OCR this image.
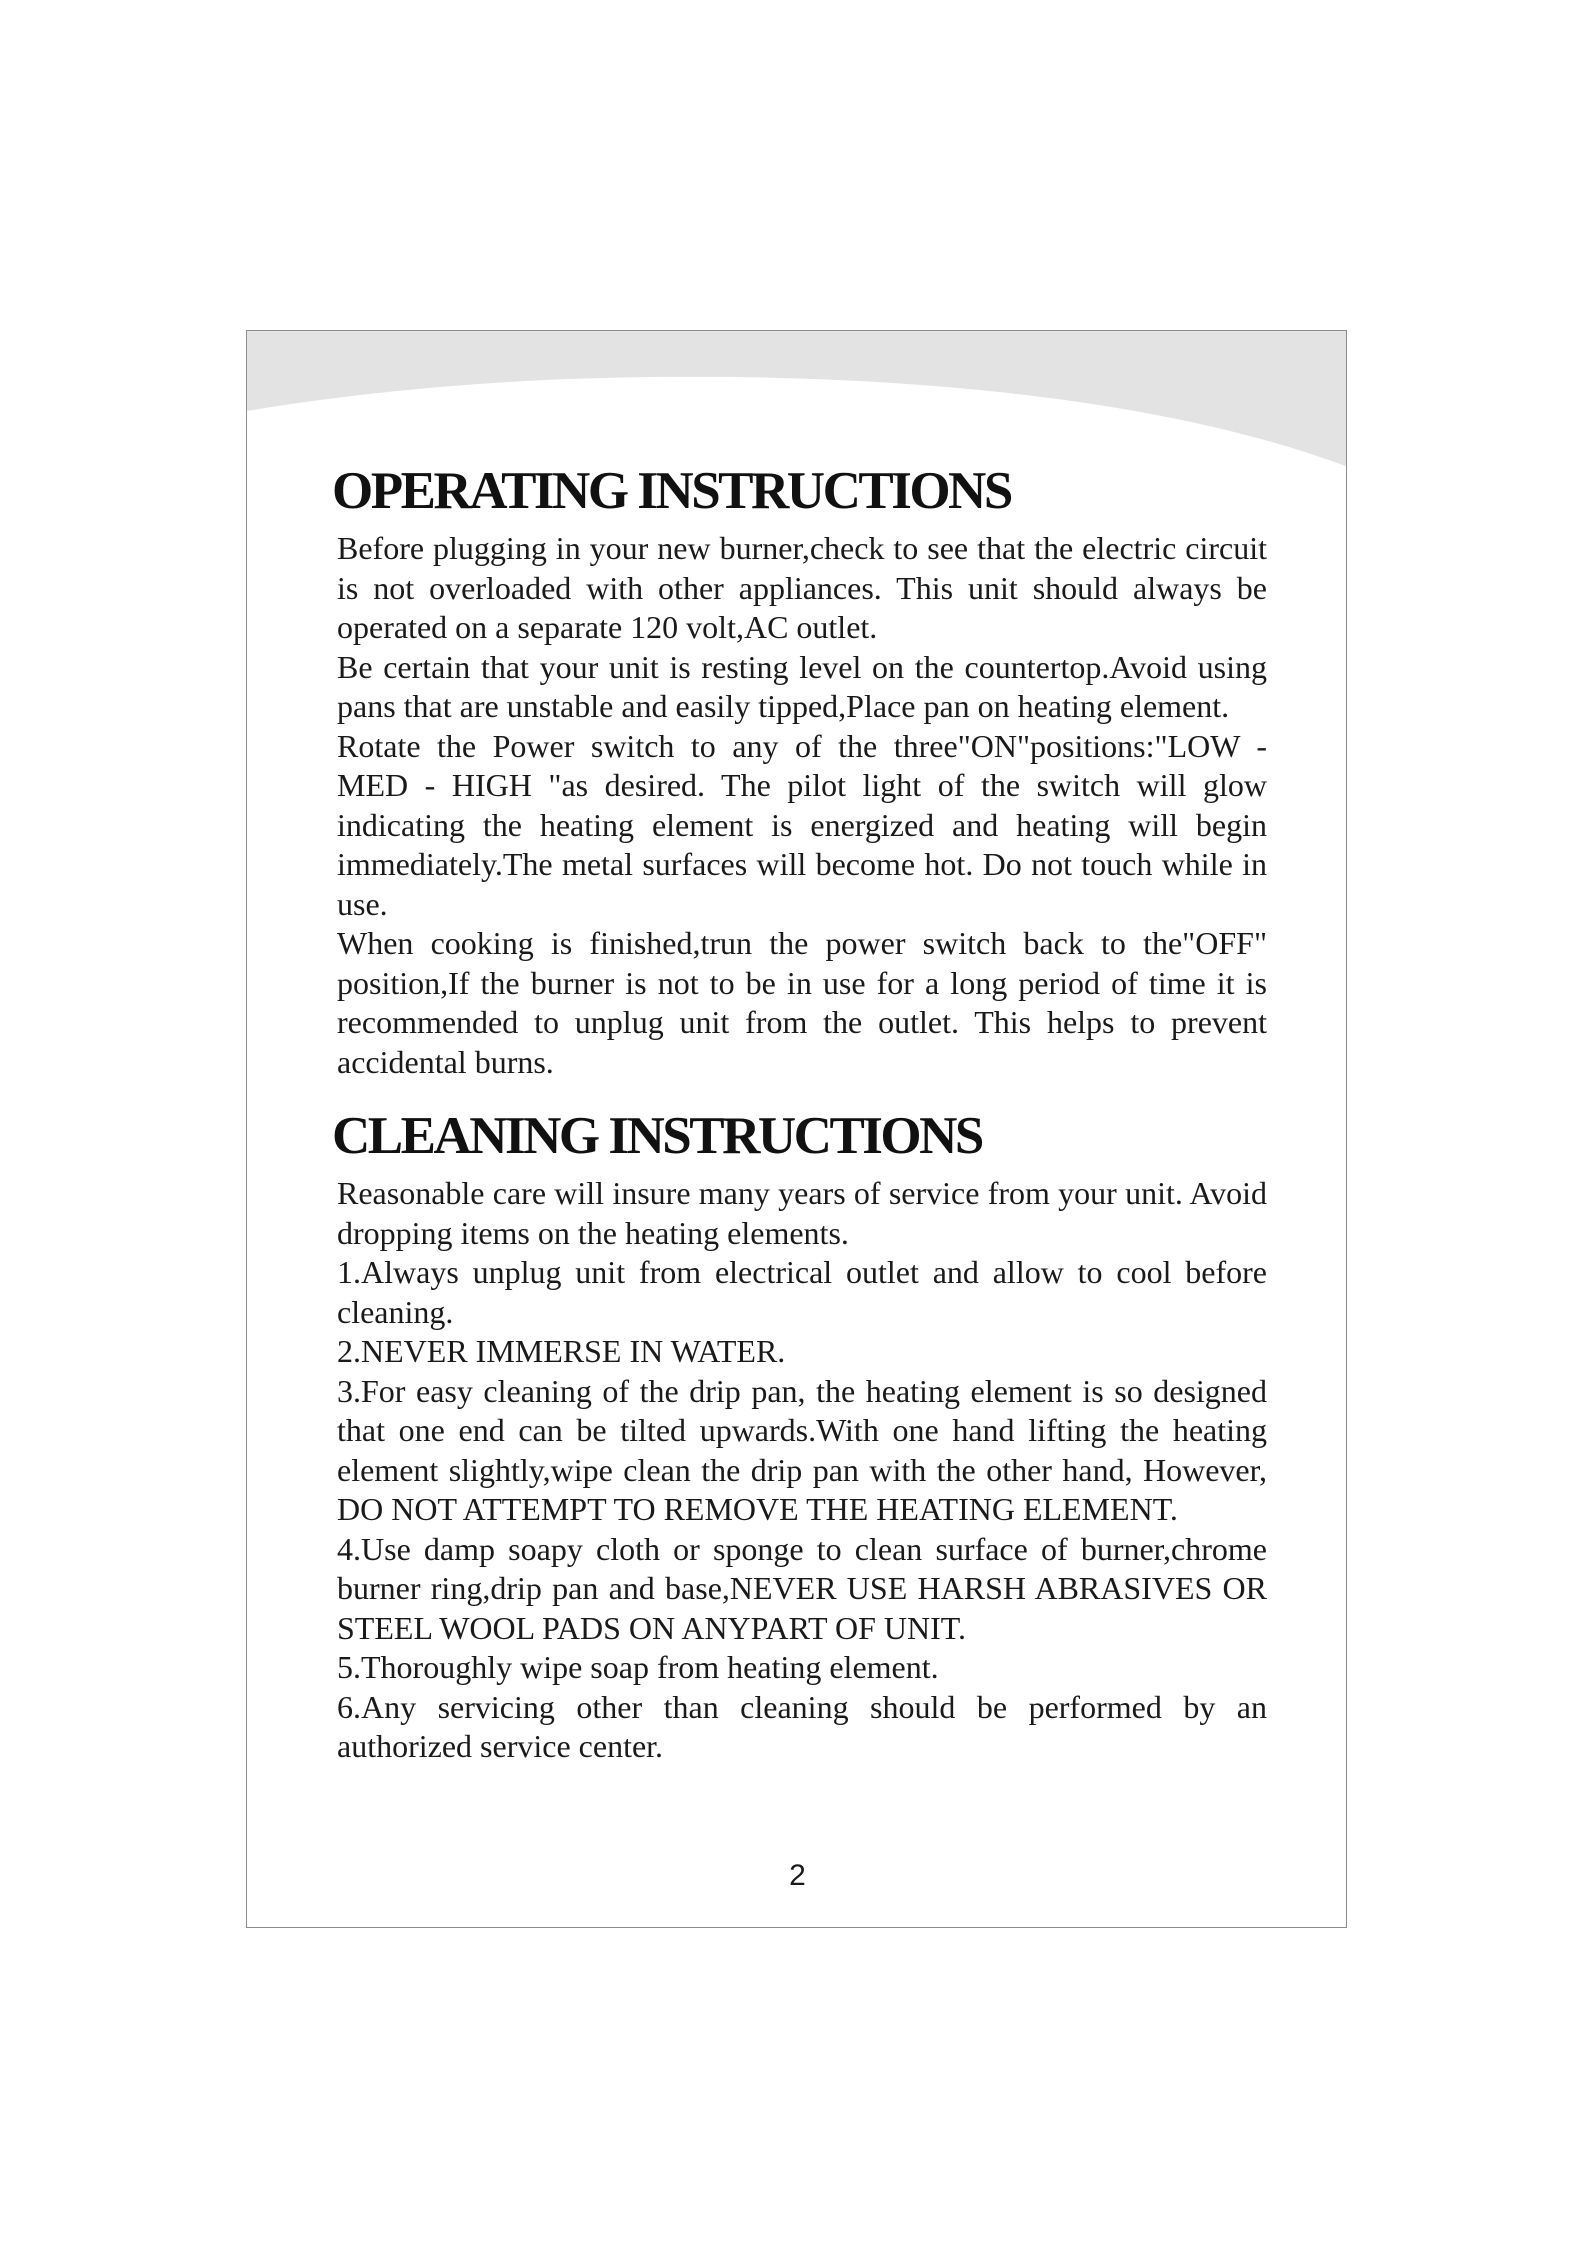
OPERATING INSTRUCTIONS

Before plugging in your new burner,check to see that the electric circuit is not overloaded with other appliances. This unit should always be operated on a separate 120 volt,AC outlet.

Be certain that your unit is resting level on the countertop.Avoid using pans that are unstable and easily tipped,Place pan on heating element.

Rotate the Power switch to any of the three"ON"positions:"LOW - MED - HIGH "as desired. The pilot light of the switch will glow indicating the heating element is energized and heating will begin immediately.The metal surfaces will become hot. Do not touch while in use.

When cooking is finished,trun the power switch back to the"OFF" position,If the burner is not to be in use for a long period of time it is recommended to unplug unit from the outlet. This helps to prevent accidental burns.

CLEANING INSTRUCTIONS

Reasonable care will insure many years of service from your unit. Avoid dropping items on the heating elements.

1.Always unplug unit from electrical outlet and allow to cool before cleaning.

2.NEVER IMMERSE IN WATER.

3.For easy cleaning of the drip pan, the heating element is so designed that one end can be tilted upwards.With one hand lifting the heating element slightly,wipe clean the drip pan with the other hand, However, DO NOT ATTEMPT TO REMOVE THE HEATING ELEMENT.

4.Use damp soapy cloth or sponge to clean surface of burner,chrome burner ring,drip pan and base,NEVER USE HARSH ABRASIVES OR STEEL WOOL PADS ON ANYPART OF UNIT.

5.Thoroughly wipe soap from heating element.

6.Any servicing other than cleaning should be performed by an authorized service center.

2
